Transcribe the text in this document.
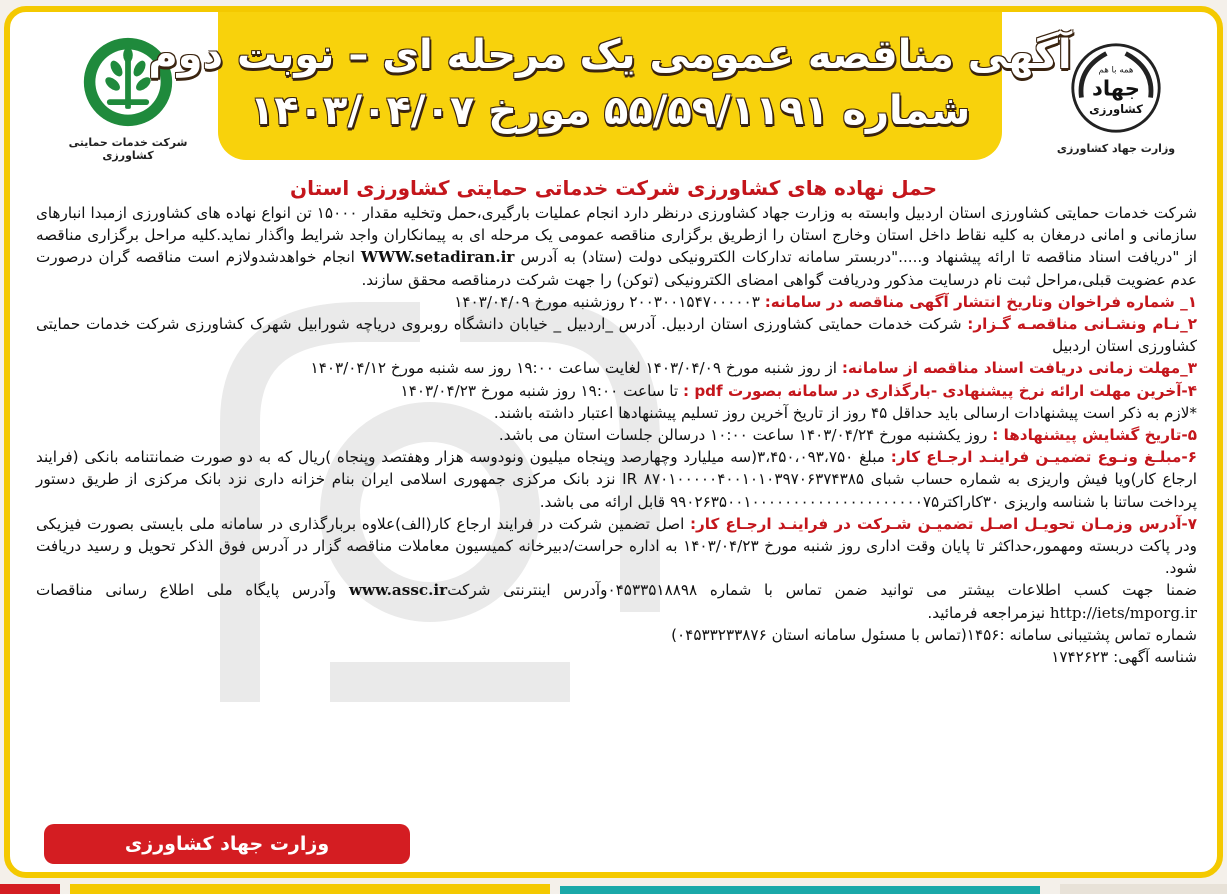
شرکت خدمات حمایتی کشاورزی
آگهی مناقصه عمومی یک مرحله ای – نوبت دوم
شماره ۵۵/۵۹/۱۱۹۱ مورخ ۱۴۰۳/۰۴/۰۷
همه با هم
جهاد
کشاورزی
وزارت جهاد کشاورزی
حمل نهاده های کشاورزی شرکت خدماتی حمایتی کشاورزی استان

شرکت خدمات حمایتی کشاورزی استان اردبیل وابسته به وزارت جهاد کشاورزی درنظر دارد انجام عملیات بارگیری،حمل وتخلیه مقدار ۱۵۰۰۰ تن انواع نهاده های کشاورزی ازمبدا انبارهای سازمانی و امانی درمغان به کلیه نقاط داخل استان وخارج استان را ازطریق برگزاری مناقصه عمومی یک مرحله ای به پیمانکاران واجد شرایط واگذار نماید.کلیه مراحل برگزاری مناقصه از "دریافت اسناد مناقصه تا ارائه پیشنهاد و....."دربستر سامانه تدارکات الکترونیکی دولت (ستاد) به آدرس WWW.setadiran.ir انجام خواهدشدولازم است مناقصه گران درصورت عدم عضویت قبلی،مراحل ثبت نام درسایت مذکور ودریافت گواهی امضای الکترونیکی (توکن) را جهت شرکت درمناقصه محقق سازند.

۱_ شماره فراخوان وتاریخ انتشار آگهی مناقصه در سامانه: ۲۰۰۳۰۰۱۵۴۷۰۰۰۰۰۳ روزشنبه مورخ ۱۴۰۳/۰۴/۰۹

۲_نـام ونشـانی مناقصـه گـزار: شرکت خدمات حمایتی کشاورزی استان اردبیل. آدرس _اردبیل _ خیابان دانشگاه روبروی دریاچه شورابیل شهرک کشاورزی شرکت خدمات حمایتی کشاورزی استان اردبیل

۳_مهلت زمانی دریافت اسناد مناقصه از سامانه: از روز شنبه مورخ ۱۴۰۳/۰۴/۰۹ لغایت ساعت ۱۹:۰۰ روز سه شنبه مورخ ۱۴۰۳/۰۴/۱۲

۴-آخرین مهلت ارائه نرخ پیشنهادی -بارگذاری در سامانه بصورت pdf : تا ساعت ۱۹:۰۰ روز شنبه مورخ ۱۴۰۳/۰۴/۲۳

*لازم به ذکر است پیشنهادات ارسالی باید حداقل ۴۵ روز از تاریخ آخرین روز تسلیم پیشنهادها اعتبار داشته باشند.

۵-تاریخ گشایش پیشنهادها : روز یکشنبه مورخ ۱۴۰۳/۰۴/۲۴ ساعت ۱۰:۰۰ درسالن جلسات استان می باشد.

۶-مبلـغ ونـوع تضمیـن فراینـد ارجـاع کار: مبلغ ۳،۴۵۰،۰۹۳،۷۵۰(سه میلیارد وچهارصد وپنجاه میلیون ونودوسه هزار وهفتصد وپنجاه )ریال که به دو صورت ضمانتنامه بانکی (فرایند ارجاع کار)ویا فیش واریزی به شماره حساب شبای IR ۸۷۰۱۰۰۰۰۰۴۰۰۱۰۱۰۳۹۷۰۶۳۷۴۳۸۵ نزد بانک مرکزی جمهوری اسلامی ایران بنام خزانه داری نزد بانک مرکزی از طریق دستور پرداخت ساتنا با شناسه واریزی ۳۰کاراکتر۹۹۰۲۶۳۵۰۰۱۰۰۰۰۰۰۰۰۰۰۰۰۰۰۰۰۰۰۰۰۰۷۵ قابل ارائه می باشد.

۷-آدرس وزمـان تحویـل اصـل تضمیـن شـرکت در فراینـد ارجـاع کار: اصل تضمین شرکت در فرایند ارجاع کار(الف)علاوه بربارگذاری در سامانه ملی بایستی بصورت فیزیکی ودر پاکت دربسته ومهمور،حداکثر تا پایان وقت اداری روز شنبه مورخ ۱۴۰۳/۰۴/۲۳ به اداره حراست/دبیرخانه کمیسیون معاملات مناقصه گزار در آدرس فوق الذکر تحویل و رسید دریافت شود.

ضمنا جهت کسب اطلاعات بیشتر می توانید ضمن تماس با شماره ۰۴۵۳۳۵۱۸۸۹۸وآدرس اینترنتی شرکتwww.assc.ir وآدرس پایگاه ملی اطلاع رسانی مناقصات http://iets/mporg.ir نیزمراجعه فرمائید.

شماره تماس پشتیبانی سامانه :۱۴۵۶(تماس با مسئول سامانه استان ۰۴۵۳۳۲۳۳۸۷۶)

شناسه آگهی: ۱۷۴۲۶۲۳

وزارت جهاد کشاورزی
